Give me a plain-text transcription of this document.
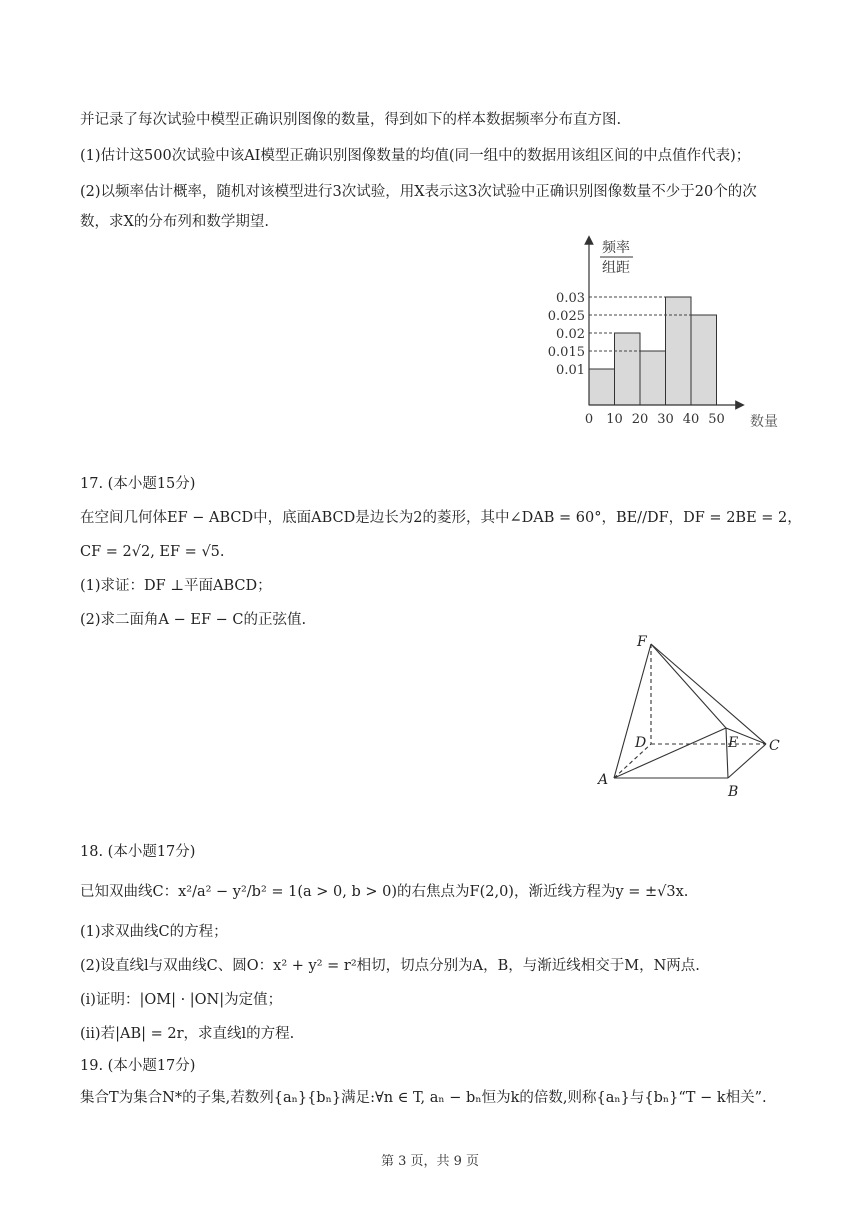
并记录了每次试验中模型正确识别图像的数量，得到如下的样本数据频率分布直方图.
(1)估计这500次试验中该AI模型正确识别图像数量的均值(同一组中的数据用该组区间的中点值作代表)；
(2)以频率估计概率，随机对该模型进行3次试验，用X表示这3次试验中正确识别图像数量不少于20个的次
数，求X的分布列和数学期望.
频率
组距
0.03
0.025
0.02
0.015
0.01
0 10 20 30 40 50 数量
17. (本小题15分)
在空间几何体EF − ABCD中，底面ABCD是边长为2的菱形，其中∠DAB = 60°，BE//DF，DF = 2BE = 2，
CF = 2√2, EF = √5.
(1)求证：DF ⊥平面ABCD；
(2)求二面角A − EF − C的正弦值.
F
D	E C
A
B
18. (本小题17分)
已知双曲线C：x²/a² − y²/b² = 1(a > 0, b > 0)的右焦点为F(2,0)，渐近线方程为y = ±√3x.
(1)求双曲线C的方程；
(2)设直线l与双曲线C、圆O：x² + y² = r²相切，切点分别为A，B，与渐近线相交于M，N两点.
(i)证明：|OM| · |ON|为定值；
(ii)若|AB| = 2r，求直线l的方程.
19. (本小题17分)
集合T为集合N*的子集,若数列{aₙ}{bₙ}满足:∀n ∈ T, aₙ − bₙ恒为k的倍数,则称{aₙ}与{bₙ}“T − k相关”.
第 3 页，共 9 页
